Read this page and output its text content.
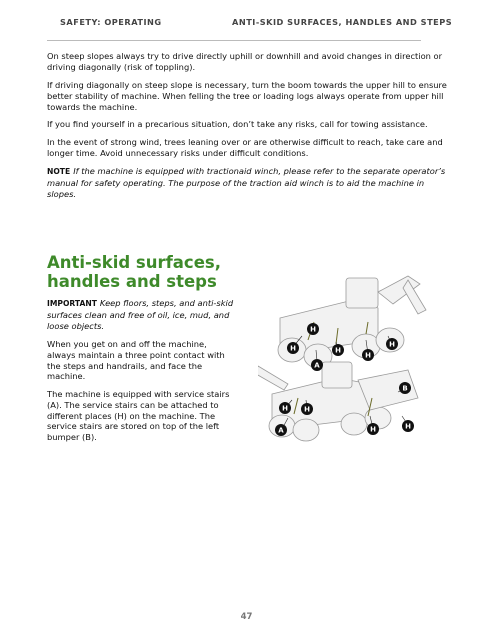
SAFETY: OPERATING	ANTI-SKID SURFACES, HANDLES AND STEPS

On steep slopes always try to drive directly uphill or downhill and avoid changes in direction or driving diagonally (risk of toppling).

If driving diagonally on steep slope is necessary, turn the boom towards the upper hill to ensure better stability of machine. When felling the tree or loading logs always operate from upper hill towards the machine.

If you find yourself in a precarious situation, don’t take any risks, call for towing assistance.

In the event of strong wind, trees leaning over or are otherwise difficult to reach, take care and longer time. Avoid unnecessary risks under difficult conditions.

NOTE If the machine is equipped with tractionaid winch, please refer to the separate operator’s manual for safety operating. The purpose of the traction aid winch is to aid the machine in slopes.

Anti-skid surfaces, handles and steps

IMPORTANT Keep floors, steps, and anti-skid surfaces clean and free of oil, ice, mud, and loose objects.

When you get on and off the machine, always maintain a three point contact with the steps and handrails, and face the machine.

The machine is equipped with service stairs (A). The service stairs can be attached to different places (H) on the machine. The service stairs are stored on top of the left bumper (B).

H
H	H
A
H
H
H H
A
B
H	H
47
